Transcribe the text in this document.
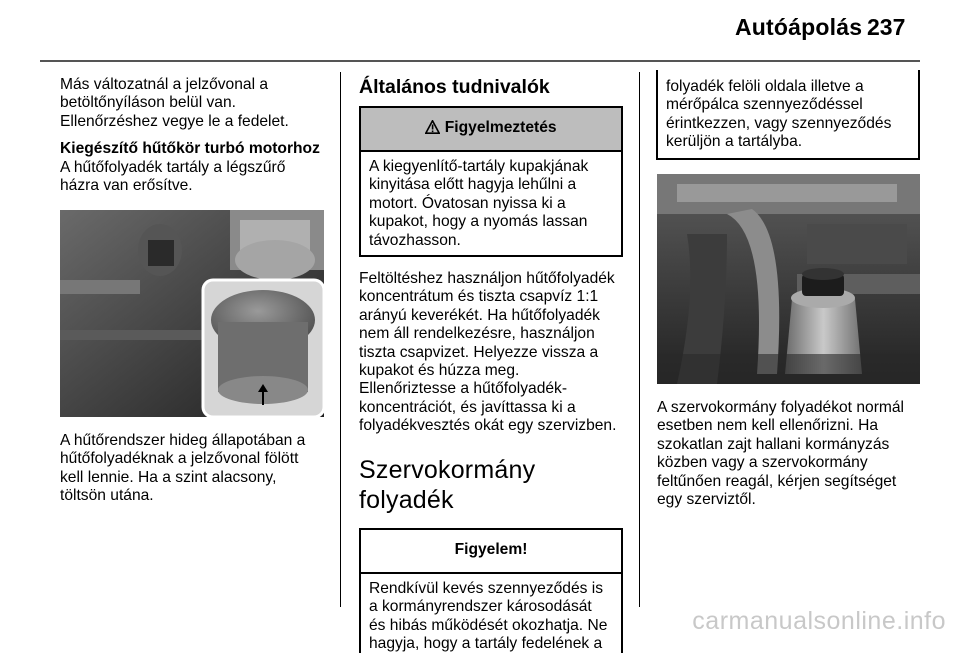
Autóápolás 237

Más változatnál a jelzővonal a

betöltőnyíláson belül van.

Ellenőrzéshez vegye le a fedelet.

Kiegészítő hűtőkör turbó motorhoz

A hűtőfolyadék tartály a légszűrő

házra van erősítve.

A hűtőrendszer hideg állapotában a

hűtőfolyadéknak a jelzővonal fölött

kell lennie. Ha a szint alacsony,

töltsön utána.

Általános tudnivalók

Figyelmeztetés

A kiegyenlítő-tartály kupakjának

kinyitása előtt hagyja lehűlni a

motort. Óvatosan nyissa ki a

kupakot, hogy a nyomás lassan

távozhasson.

Feltöltéshez használjon hűtőfolyadék

koncentrátum és tiszta csapvíz 1:1

arányú keverékét. Ha hűtőfolyadék

nem áll rendelkezésre, használjon

tiszta csapvizet. Helyezze vissza a

kupakot és húzza meg.

Ellenőriztesse a hűtőfolyadék-

koncentrációt, és javíttassa ki a

folyadékvesztés okát egy szervizben.

Szervokormány folyadék

Figyelem!

Rendkívül kevés szennyeződés is

a kormányrendszer károsodását

és hibás működését okozhatja. Ne

hagyja, hogy a tartály fedelének a

folyadék felöli oldala illetve a

mérőpálca szennyeződéssel

érintkezzen, vagy szennyeződés

kerüljön a tartályba.

A szervokormány folyadékot normál

esetben nem kell ellenőrizni. Ha

szokatlan zajt hallani kormányzás

közben vagy a szervokormány

feltűnően reagál, kérjen segítséget

egy szerviztől.

carmanualsonline.info
